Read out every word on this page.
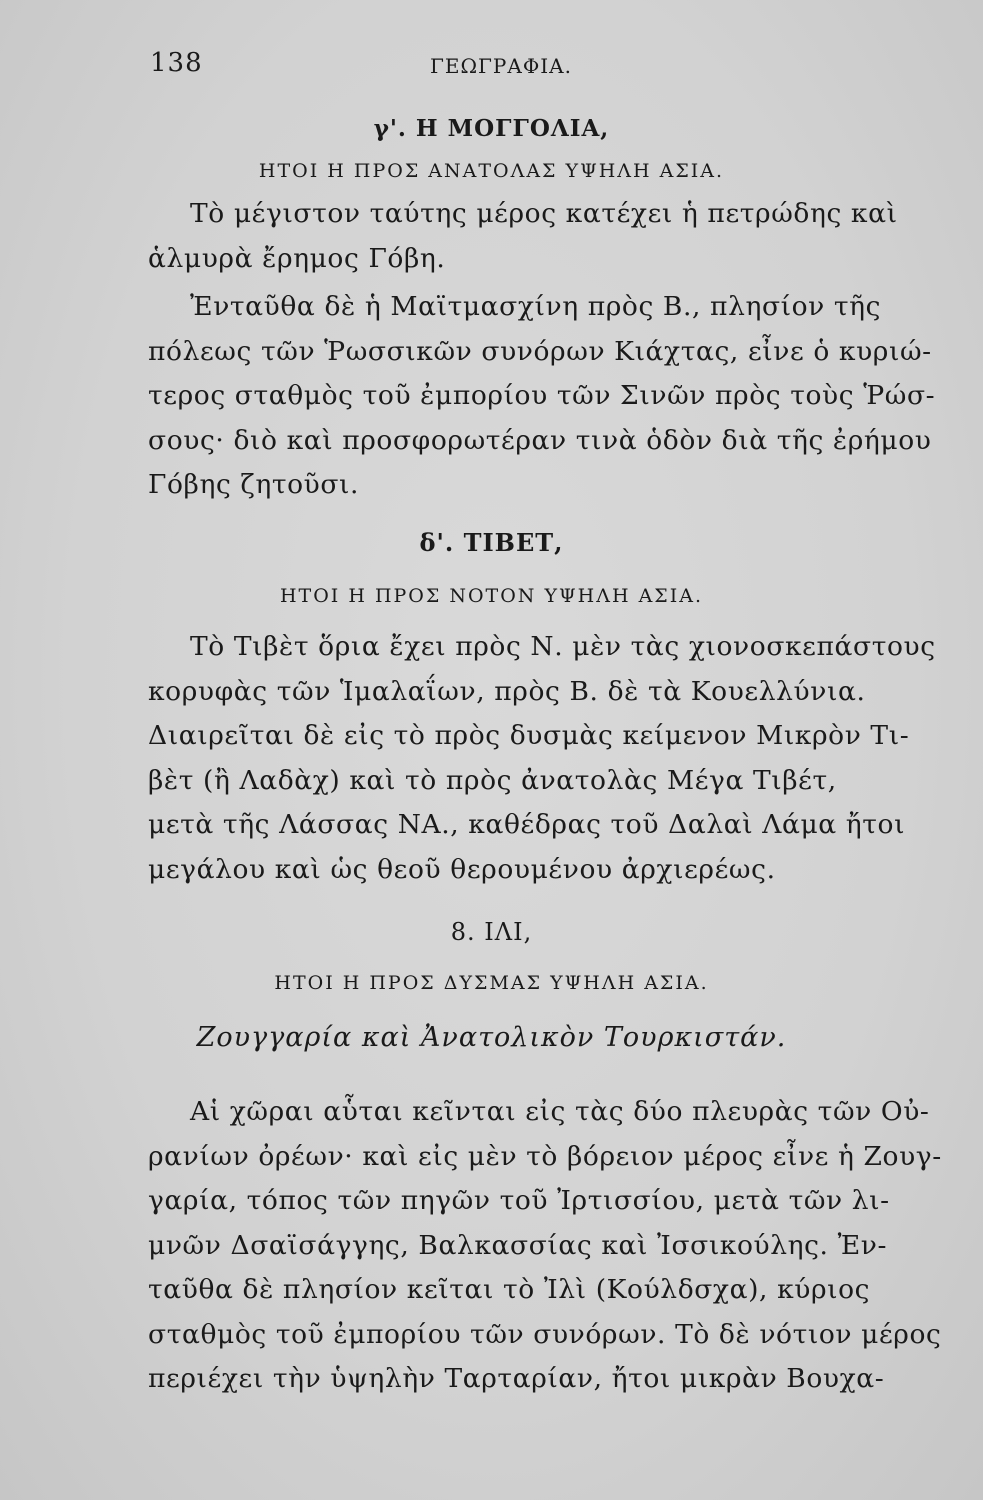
138	ΓΕΩΓΡΑΦΙΑ.
γ'. Η ΜΟΓΓΟΛΙΑ,
ΗΤΟΙ Η ΠΡΟΣ ΑΝΑΤΟΛΑΣ ΥΨΗΛΗ ΑΣΙΑ.
Τὸ μέγιστον ταύτης μέρος κατέχει ἡ πετρώδης καὶ
ἁλμυρὰ ἔρημος Γόβη.
Ἐνταῦθα δὲ ἡ Μαϊτμασχίνη πρὸς Β., πλησίον τῆς
πόλεως τῶν Ῥωσσικῶν συνόρων Κιάχτας, εἶνε ὁ κυριώ-
τερος σταθμὸς τοῦ ἐμπορίου τῶν Σινῶν πρὸς τοὺς Ῥώσ-
σους· διὸ καὶ προσφορωτέραν τινὰ ὁδὸν διὰ τῆς ἐρήμου
Γόβης ζητοῦσι.
δ'. ΤΙΒΕΤ,
ΗΤΟΙ Η ΠΡΟΣ ΝΟΤΟΝ ΥΨΗΛΗ ΑΣΙΑ.
Τὸ Τιβὲτ ὅρια ἔχει πρὸς Ν. μὲν τὰς χιονοσκεπάστους
κορυφὰς τῶν Ἱμαλαΐων, πρὸς Β. δὲ τὰ Κουελλύνια.
Διαιρεῖται δὲ εἰς τὸ πρὸς δυσμὰς κείμενον Μικρὸν Τι-
βὲτ (ἢ Λαδὰχ) καὶ τὸ πρὸς ἀνατολὰς Μέγα Τιβέτ,
μετὰ τῆς Λάσσας ΝΑ., καθέδρας τοῦ Δαλαὶ Λάμα ἤτοι
μεγάλου καὶ ὡς θεοῦ θερουμένου ἀρχιερέως.
8. ΙΛΙ,
ΗΤΟΙ Η ΠΡΟΣ ΔΥΣΜΑΣ ΥΨΗΛΗ ΑΣΙΑ.
Ζουγγαρία καὶ Ἀνατολικὸν Τουρκιστάν.
Αἱ χῶραι αὗται κεῖνται εἰς τὰς δύο πλευρὰς τῶν Οὐ-
ρανίων ὀρέων· καὶ εἰς μὲν τὸ βόρειον μέρος εἶνε ἡ Ζουγ-
γαρία, τόπος τῶν πηγῶν τοῦ Ἰρτισσίου, μετὰ τῶν λι-
μνῶν Δσαϊσάγγης, Βαλκασσίας καὶ Ἰσσικούλης. Ἐν-
ταῦθα δὲ πλησίον κεῖται τὸ Ἰλὶ (Κούλδσχα), κύριος
σταθμὸς τοῦ ἐμπορίου τῶν συνόρων. Τὸ δὲ νότιον μέρος
περιέχει τὴν ὑψηλὴν Ταρταρίαν, ἤτοι μικρὰν Βουχα-
